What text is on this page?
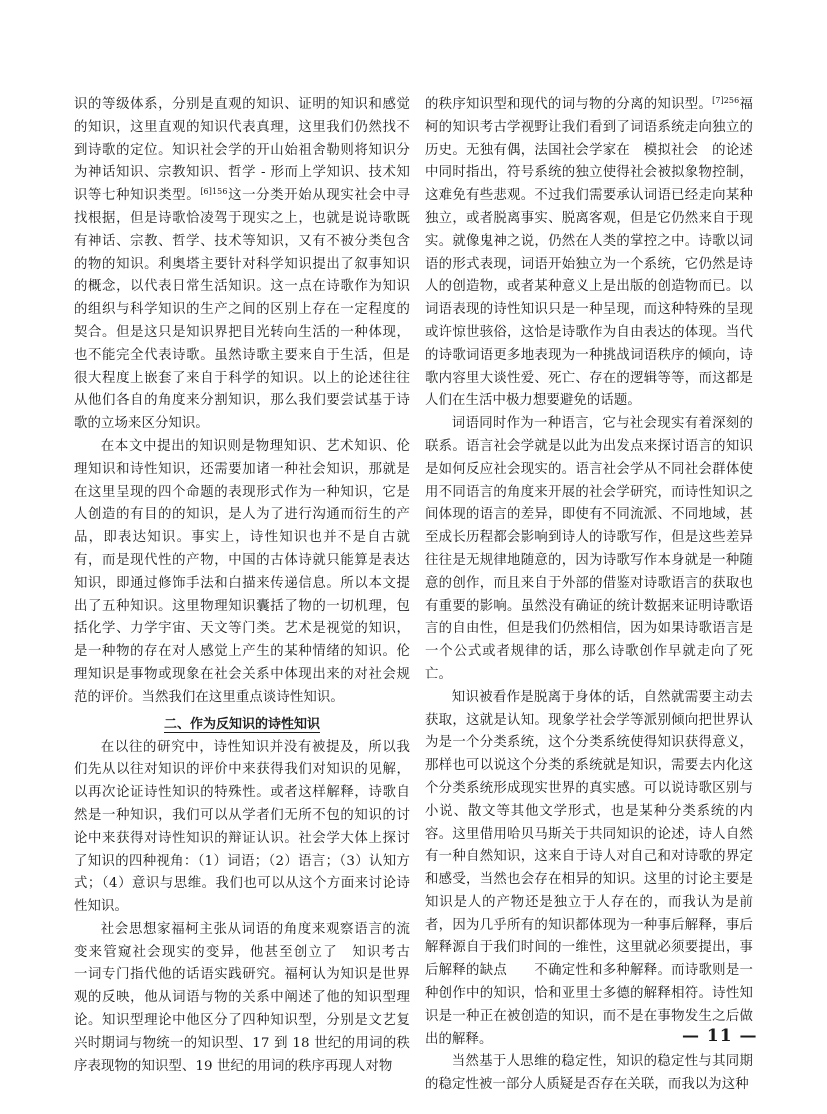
识的等级体系，分别是直观的知识、证明的知识和感觉的知识，这里直观的知识代表真理，这里我们仍然找不到诗歌的定位。知识社会学的开山始祖舍勒则将知识分为神话知识、宗教知识、哲学 - 形而上学知识、技术知识等七种知识类型。$^{[6]156}$这一分类开始从现实社会中寻找根据，但是诗歌恰凌驾于现实之上，也就是说诗歌既有神话、宗教、哲学、技术等知识，又有不被分类包含的物的知识。利奥塔主要针对科学知识提出了叙事知识的概念，以代表日常生活知识。这一点在诗歌作为知识的组织与科学知识的生产之间的区别上存在一定程度的契合。但是这只是知识界把目光转向生活的一种体现，也不能完全代表诗歌。虽然诗歌主要来自于生活，但是很大程度上嵌套了来自于科学的知识。以上的论述往往从他们各自的角度来分割知识，那么我们要尝试基于诗歌的立场来区分知识。

在本文中提出的知识则是物理知识、艺术知识、伦理知识和诗性知识，还需要加诸一种社会知识，那就是在这里呈现的四个命题的表现形式作为一种知识，它是人创造的有目的的知识，是人为了进行沟通而衍生的产品，即表达知识。事实上，诗性知识也并不是自古就有，而是现代性的产物，中国的古体诗就只能算是表达知识，即通过修饰手法和白描来传递信息。所以本文提出了五种知识。这里物理知识囊括了物的一切机理，包括化学、力学宇宙、天文等门类。艺术是视觉的知识，是一种物的存在对人感觉上产生的某种情绪的知识。伦理知识是事物或现象在社会关系中体现出来的对社会规范的评价。当然我们在这里重点谈诗性知识。

二、作为反知识的诗性知识

在以往的研究中，诗性知识并没有被提及，所以我们先从以往对知识的评价中来获得我们对知识的见解，以再次论证诗性知识的特殊性。或者这样解释，诗歌自然是一种知识，我们可以从学者们无所不包的知识的讨论中来获得对诗性知识的辩证认识。社会学大体上探讨了知识的四种视角：（1）词语；（2）语言；（3）认知方式；（4）意识与思维。我们也可以从这个方面来讨论诗性知识。

社会思想家福柯主张从词语的角度来观察语言的流变来管窥社会现实的变异，他甚至创立了　知识考古　一词专门指代他的话语实践研究。福柯认为知识是世界观的反映，他从词语与物的关系中阐述了他的知识型理论。知识型理论中他区分了四种知识型，分别是文艺复兴时期词与物统一的知识型、17 到 18 世纪的用词的秩序表现物的知识型、19 世纪的用词的秩序再现人对物

的秩序知识型和现代的词与物的分离的知识型。$^{[7]256}$福柯的知识考古学视野让我们看到了词语系统走向独立的历史。无独有偶，法国社会学家在　模拟社会　的论述中同时指出，符号系统的独立使得社会被拟象物控制，这难免有些悲观。不过我们需要承认词语已经走向某种独立，或者脱离事实、脱离客观，但是它仍然来自于现实。就像鬼神之说，仍然在人类的掌控之中。诗歌以词语的形式表现，词语开始独立为一个系统，它仍然是诗人的创造物，或者某种意义上是出版的创造物而已。以词语表现的诗性知识只是一种呈现，而这种特殊的呈现或许惊世骇俗，这恰是诗歌作为自由表达的体现。当代的诗歌词语更多地表现为一种挑战词语秩序的倾向，诗歌内容里大谈性爱、死亡、存在的逻辑等等，而这都是人们在生活中极力想要避免的话题。

词语同时作为一种语言，它与社会现实有着深刻的联系。语言社会学就是以此为出发点来探讨语言的知识是如何反应社会现实的。语言社会学从不同社会群体使用不同语言的角度来开展的社会学研究，而诗性知识之间体现的语言的差异，即使有不同流派、不同地域，甚至成长历程都会影响到诗人的诗歌写作，但是这些差异往往是无规律地随意的，因为诗歌写作本身就是一种随意的创作，而且来自于外部的借鉴对诗歌语言的获取也有重要的影响。虽然没有确证的统计数据来证明诗歌语言的自由性，但是我们仍然相信，因为如果诗歌语言是一个公式或者规律的话，那么诗歌创作早就走向了死亡。

知识被看作是脱离于身体的话，自然就需要主动去获取，这就是认知。现象学社会学等派别倾向把世界认为是一个分类系统，这个分类系统使得知识获得意义，那样也可以说这个分类的系统就是知识，需要去内化这个分类系统形成现实世界的真实感。可以说诗歌区别与小说、散文等其他文学形式，也是某种分类系统的内容。这里借用哈贝马斯关于共同知识的论述，诗人自然有一种自然知识，这来自于诗人对自己和对诗歌的界定和感受，当然也会存在相异的知识。这里的讨论主要是知识是人的产物还是独立于人存在的，而我认为是前者，因为几乎所有的知识都体现为一种事后解释，事后解释源自于我们时间的一维性，这里就必须要提出，事后解释的缺点　　不确定性和多种解释。而诗歌则是一种创作中的知识，恰和亚里士多德的解释相符。诗性知识是一种正在被创造的知识，而不是在事物发生之后做出的解释。

当然基于人思维的稳定性，知识的稳定性与其同期的稳定性被一部分人质疑是否存在关联，而我以为这种

— 11 —
